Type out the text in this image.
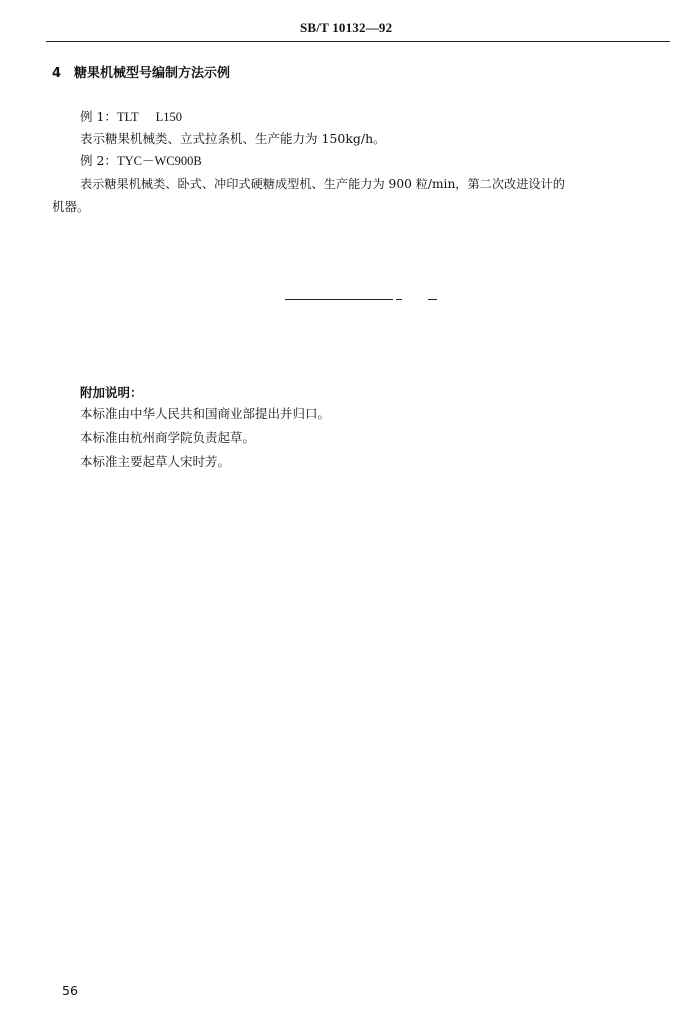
SB/T 10132—92
4 糖果机械型号编制方法示例
例 1：TLT L150
表示糖果机械类、立式拉条机、生产能力为 150kg/h。
例 2：TYC－WC900B
表示糖果机械类、卧式、冲印式硬糖成型机、生产能力为 900 粒/min，第二次改进设计的
机器。
附加说明：
本标准由中华人民共和国商业部提出并归口。
本标准由杭州商学院负责起草。
本标准主要起草人宋时芳。
56
